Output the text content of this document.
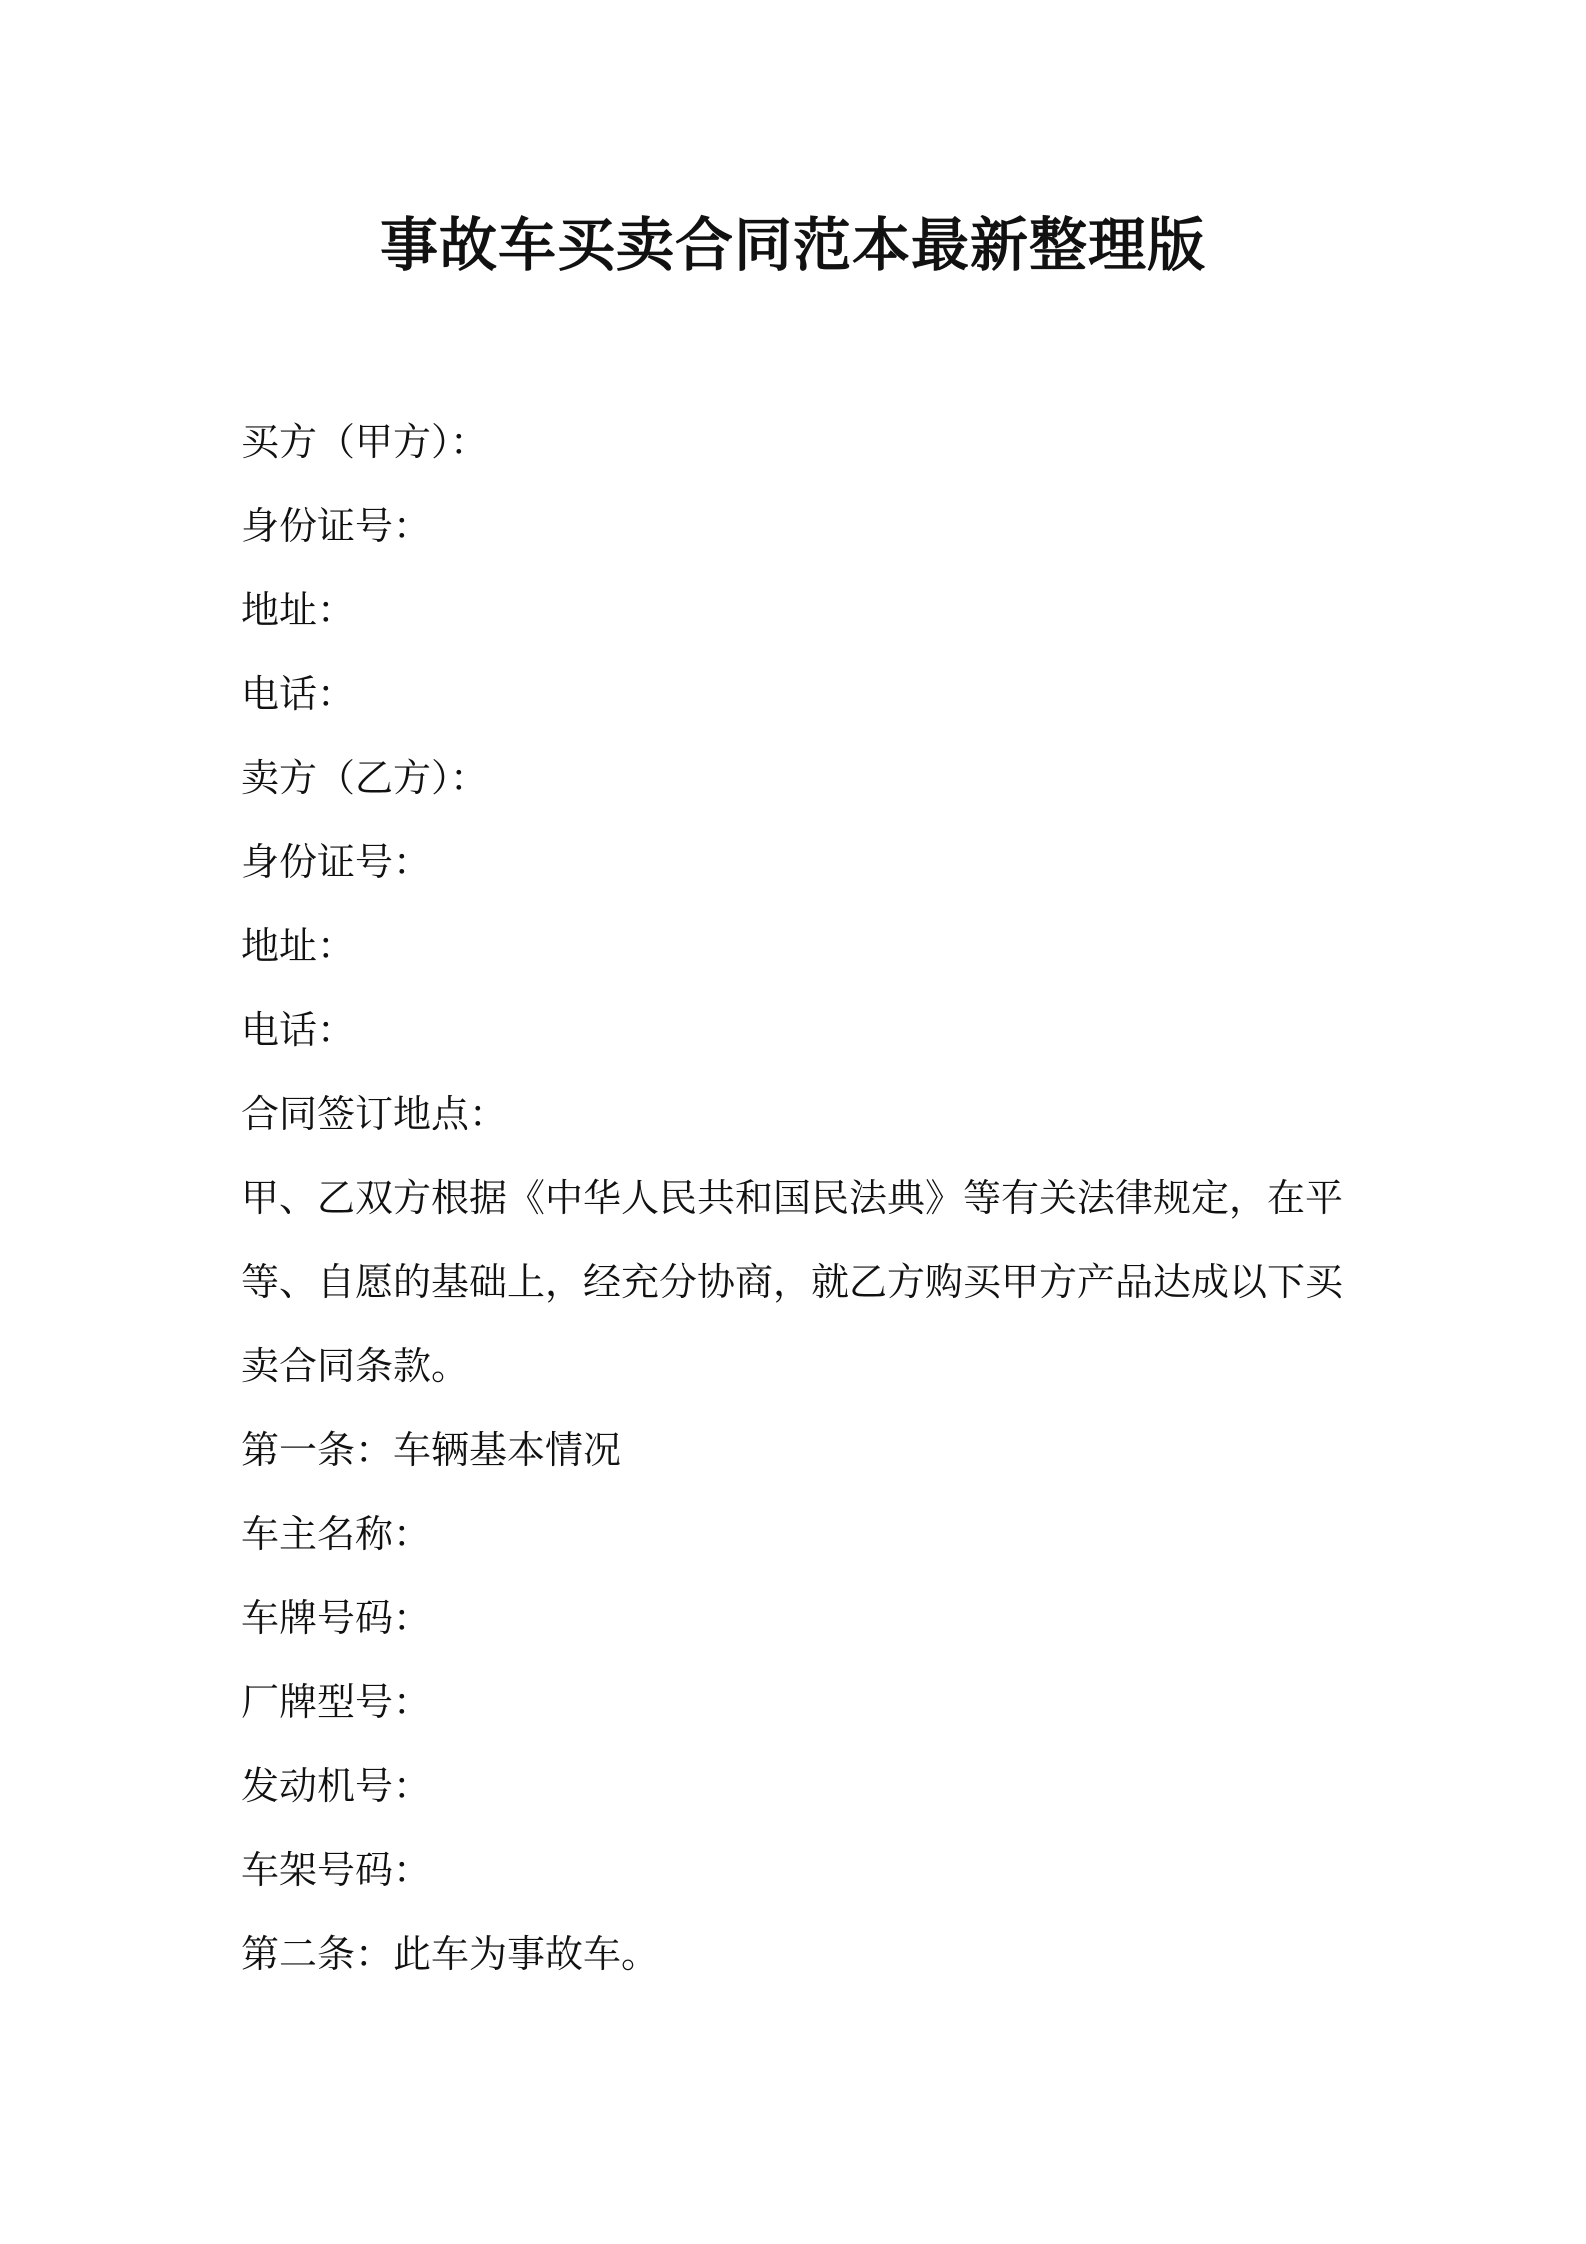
事故车买卖合同范本最新整理版
买方（甲方）：
身份证号：
地址：
电话：
卖方（乙方）：
身份证号：
地址：
电话：
合同签订地点：
甲、乙双方根据《中华人民共和国民法典》等有关法律规定，在平等、自愿的基础上，经充分协商，就乙方购买甲方产品达成以下买卖合同条款。
第一条：车辆基本情况
车主名称：
车牌号码：
厂牌型号：
发动机号：
车架号码：
第二条：此车为事故车。
